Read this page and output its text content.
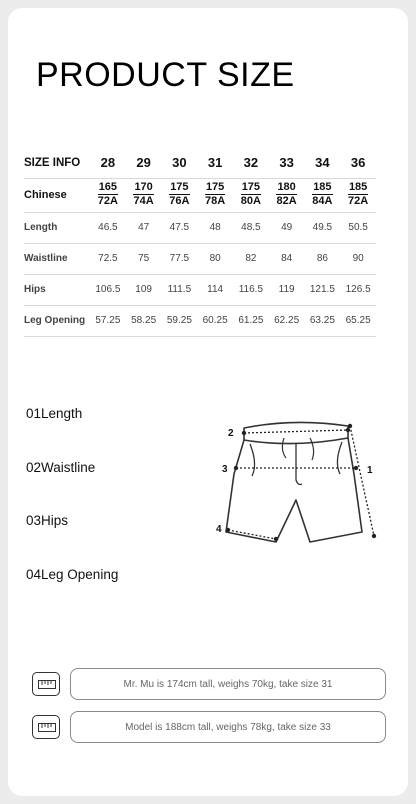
PRODUCT SIZE
SIZE INFO	28	29	30	31	32	33	34	36
Chinese	$\frac{165}{72A}$	$\frac{170}{74A}$	$\frac{175}{76A}$	$\frac{175}{78A}$	$\frac{175}{80A}$	$\frac{180}{82A}$	$\frac{185}{84A}$	$\frac{185}{72A}$

Length	46.5	47	47.5	48	48.5	49	49.5	50.5
Waistline	72.5	75	77.5	80	82	84	86	90
Hips	106.5	109	111.5	114	116.5	119	121.5	126.5
Leg Opening	57.25	58.25	59.25	60.25	61.25	62.25	63.25	65.25
01Length
02Waistline
03Hips
04Leg Opening
2
3
4
1
Mr. Mu is 174cm tall, weighs 70kg, take size 31
Model is 188cm tall, weighs 78kg, take size 33
